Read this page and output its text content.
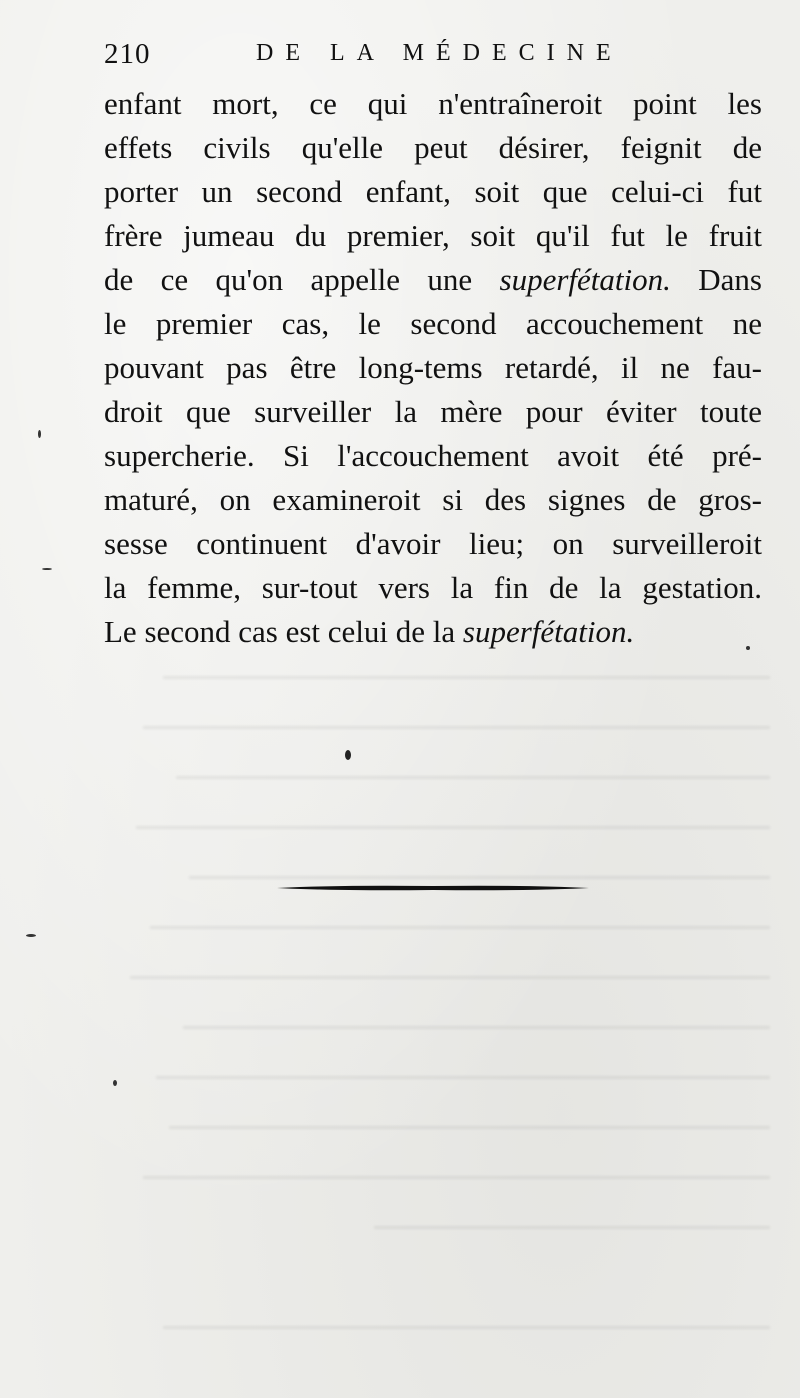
210	DE LA MÉDECINE
enfant mort, ce qui n'entraîneroit point les
effets civils qu'elle peut désirer, feignit de
porter un second enfant, soit que celui-ci fut
frère jumeau du premier, soit qu'il fut le fruit
de ce qu'on appelle une superfétation. Dans
le premier cas, le second accouchement ne
pouvant pas être long-tems retardé, il ne fau-
droit que surveiller la mère pour éviter toute
supercherie. Si l'accouchement avoit été pré-
maturé, on examineroit si des signes de gros-
sesse continuent d'avoir lieu; on surveilleroit
la femme, sur-tout vers la fin de la gestation.
Le second cas est celui de la superfétation.
